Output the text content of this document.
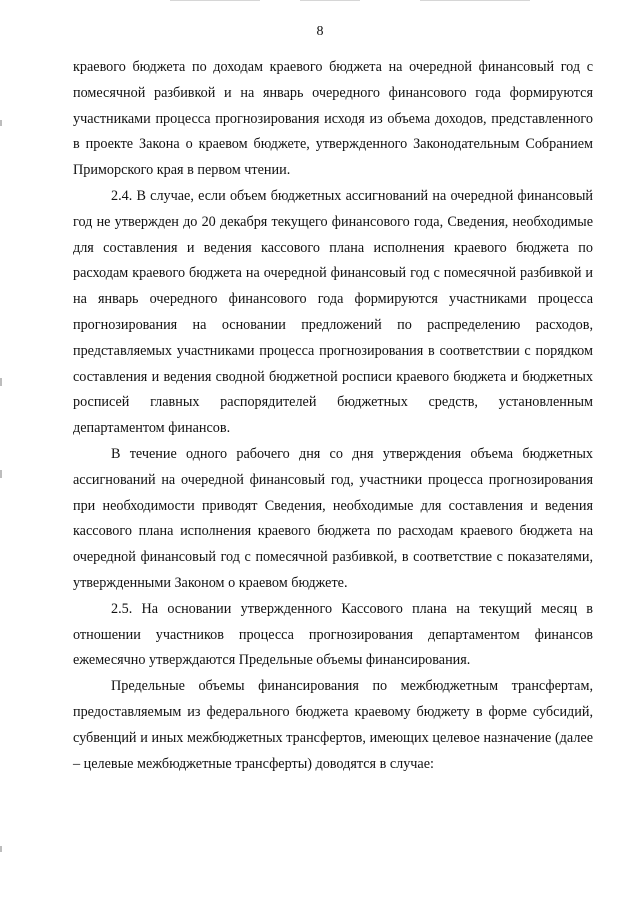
8

краевого бюджета по доходам краевого бюджета на очередной финансовый год с помесячной разбивкой и на январь очередного финансового года формируются участниками процесса прогнозирования исходя из объема доходов, представленного в проекте Закона о краевом бюджете, утвержденного Законодательным Собранием Приморского края в первом чтении.

2.4. В случае, если объем бюджетных ассигнований на очередной финансовый год не утвержден до 20 декабря текущего финансового года, Сведения, необходимые для составления и ведения кассового плана исполнения краевого бюджета по расходам краевого бюджета на очередной финансовый год с помесячной разбивкой и на январь очередного финансового года формируются участниками процесса прогнозирования на основании предложений по распределению расходов, представляемых участниками процесса прогнозирования в соответствии с порядком составления и ведения сводной бюджетной росписи краевого бюджета и бюджетных росписей главных распорядителей бюджетных средств, установленным департаментом финансов.

В течение одного рабочего дня со дня утверждения объема бюджетных ассигнований на очередной финансовый год, участники процесса прогнозирования при необходимости приводят Сведения, необходимые для составления и ведения кассового плана исполнения краевого бюджета по расходам краевого бюджета на очередной финансовый год с помесячной разбивкой, в соответствие с показателями, утвержденными Законом о краевом бюджете.

2.5. На основании утвержденного Кассового плана на текущий месяц в отношении участников процесса прогнозирования департаментом финансов ежемесячно утверждаются Предельные объемы финансирования.

Предельные объемы финансирования по межбюджетным трансфертам, предоставляемым из федерального бюджета краевому бюджету в форме субсидий, субвенций и иных межбюджетных трансфертов, имеющих целевое назначение (далее – целевые межбюджетные трансферты) доводятся в случае:
